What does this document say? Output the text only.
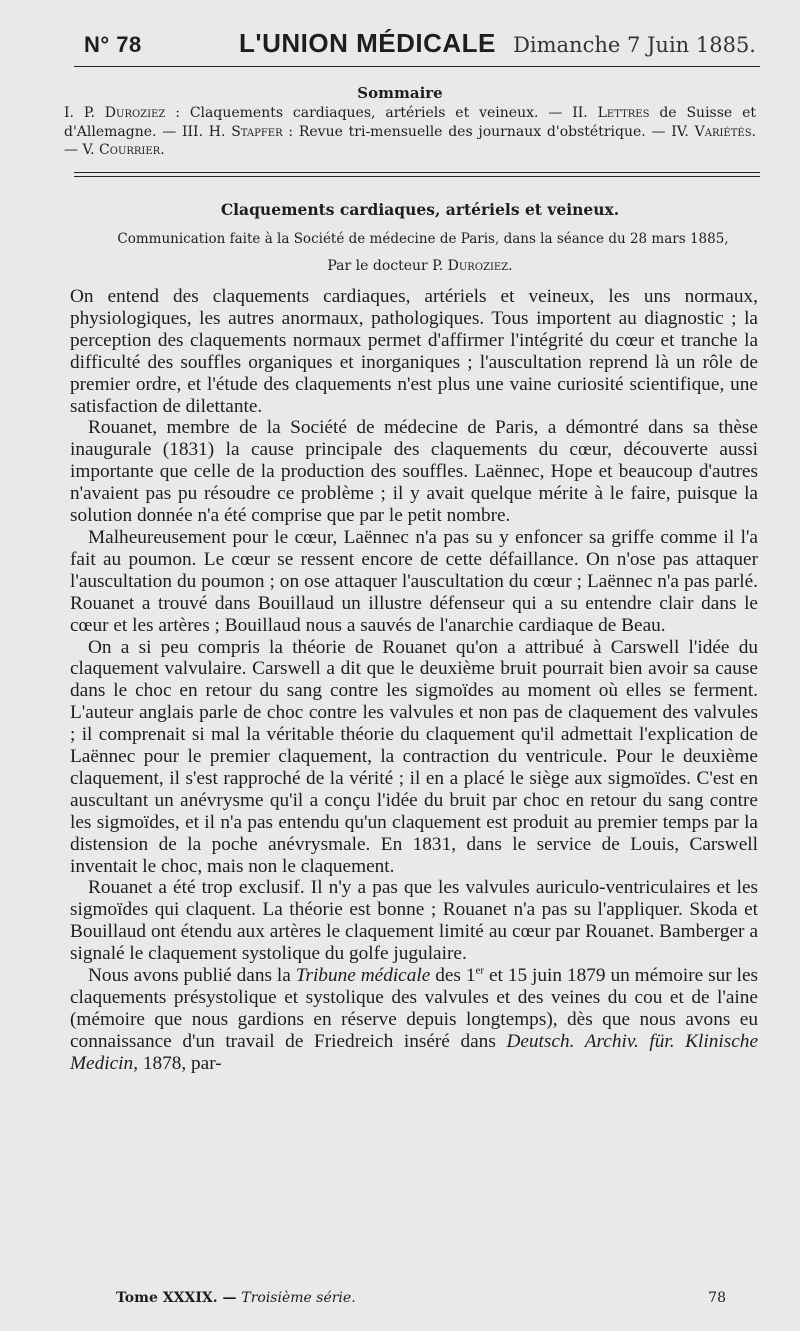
N° 78	L'UNION MÉDICALE Dimanche 7 Juin 1885.
Sommaire
I. P. Duroziez : Claquements cardiaques, artériels et veineux. — II. Lettres de Suisse et d'Allemagne. — III. H. Stapfer : Revue tri-mensuelle des journaux d'obstétrique. — IV. Variétés. — V. Courrier.
Claquements cardiaques, artériels et veineux.
Communication faite à la Société de médecine de Paris, dans la séance du 28 mars 1885,
Par le docteur P. Duroziez.

On entend des claquements cardiaques, artériels et veineux, les uns normaux, physiologiques, les autres anormaux, pathologiques. Tous importent au diagnostic ; la perception des claquements normaux permet d'affirmer l'intégrité du cœur et tranche la difficulté des souffles organiques et inorganiques ; l'auscultation reprend là un rôle de premier ordre, et l'étude des claquements n'est plus une vaine curiosité scientifique, une satisfaction de dilettante.

Rouanet, membre de la Société de médecine de Paris, a démontré dans sa thèse inaugurale (1831) la cause principale des claquements du cœur, découverte aussi importante que celle de la production des souffles. Laënnec, Hope et beaucoup d'autres n'avaient pas pu résoudre ce problème ; il y avait quelque mérite à le faire, puisque la solution donnée n'a été comprise que par le petit nombre.

Malheureusement pour le cœur, Laënnec n'a pas su y enfoncer sa griffe comme il l'a fait au poumon. Le cœur se ressent encore de cette défaillance. On n'ose pas attaquer l'auscultation du poumon ; on ose attaquer l'auscultation du cœur ; Laënnec n'a pas parlé. Rouanet a trouvé dans Bouillaud un illustre défenseur qui a su entendre clair dans le cœur et les artères ; Bouillaud nous a sauvés de l'anarchie cardiaque de Beau.

On a si peu compris la théorie de Rouanet qu'on a attribué à Carswell l'idée du claquement valvulaire. Carswell a dit que le deuxième bruit pourrait bien avoir sa cause dans le choc en retour du sang contre les sigmoïdes au moment où elles se ferment. L'auteur anglais parle de choc contre les valvules et non pas de claquement des valvules ; il comprenait si mal la véritable théorie du claquement qu'il admettait l'explication de Laënnec pour le premier claquement, la contraction du ventricule. Pour le deuxième claquement, il s'est rapproché de la vérité ; il en a placé le siège aux sigmoïdes. C'est en auscultant un anévrysme qu'il a conçu l'idée du bruit par choc en retour du sang contre les sigmoïdes, et il n'a pas entendu qu'un claquement est produit au premier temps par la distension de la poche anévrysmale. En 1831, dans le service de Louis, Carswell inventait le choc, mais non le claquement.

Rouanet a été trop exclusif. Il n'y a pas que les valvules auriculo-ventriculaires et les sigmoïdes qui claquent. La théorie est bonne ; Rouanet n'a pas su l'appliquer. Skoda et Bouillaud ont étendu aux artères le claquement limité au cœur par Rouanet. Bamberger a signalé le claquement systolique du golfe jugulaire.

Nous avons publié dans la Tribune médicale des 1er et 15 juin 1879 un mémoire sur les claquements présystolique et systolique des valvules et des veines du cou et de l'aine (mémoire que nous gardions en réserve depuis longtemps), dès que nous avons eu connaissance d'un travail de Friedreich inséré dans Deutsch. Archiv. für. Klinische Medicin, 1878, par-

Tome XXXIX. — Troisième série.	78
